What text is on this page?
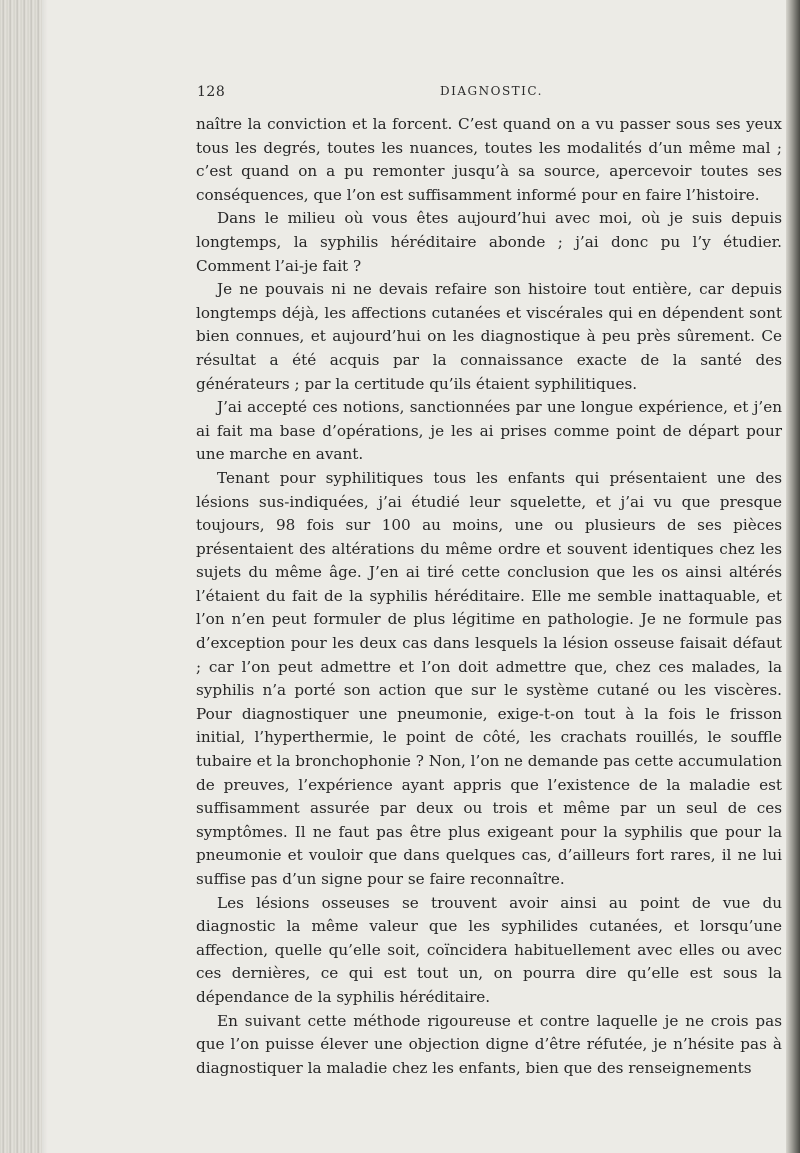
128	DIAGNOSTIC.

naître la conviction et la forcent. C’est quand on a vu passer sous ses yeux tous les degrés, toutes les nuances, toutes les modalités d’un même mal ; c’est quand on a pu remonter jusqu’à sa source, apercevoir toutes ses conséquences, que l’on est suffisamment informé pour en faire l’histoire.

Dans le milieu où vous êtes aujourd’hui avec moi, où je suis depuis longtemps, la syphilis héréditaire abonde ; j’ai donc pu l’y étudier. Comment l’ai-je fait ?

Je ne pouvais ni ne devais refaire son histoire tout entière, car depuis longtemps déjà, les affections cutanées et viscérales qui en dépendent sont bien connues, et aujourd’hui on les diagnostique à peu près sûrement. Ce résultat a été acquis par la connaissance exacte de la santé des générateurs ; par la certitude qu’ils étaient syphilitiques.

J’ai accepté ces notions, sanctionnées par une longue expérience, et j’en ai fait ma base d’opérations, je les ai prises comme point de départ pour une marche en avant.

Tenant pour syphilitiques tous les enfants qui présentaient une des lésions sus-indiquées, j’ai étudié leur squelette, et j’ai vu que presque toujours, 98 fois sur 100 au moins, une ou plusieurs de ses pièces présentaient des altérations du même ordre et souvent identiques chez les sujets du même âge. J’en ai tiré cette conclusion que les os ainsi altérés l’étaient du fait de la syphilis héréditaire. Elle me semble inattaquable, et l’on n’en peut formuler de plus légitime en pathologie. Je ne formule pas d’exception pour les deux cas dans lesquels la lésion osseuse faisait défaut ; car l’on peut admettre et l’on doit admettre que, chez ces malades, la syphilis n’a porté son action que sur le système cutané ou les viscères. Pour diagnostiquer une pneumonie, exige-t-on tout à la fois le frisson initial, l’hyperthermie, le point de côté, les crachats rouillés, le souffle tubaire et la bronchophonie ? Non, l’on ne demande pas cette accumulation de preuves, l’expérience ayant appris que l’existence de la maladie est suffisamment assurée par deux ou trois et même par un seul de ces symptômes. Il ne faut pas être plus exigeant pour la syphilis que pour la pneumonie et vouloir que dans quelques cas, d’ailleurs fort rares, il ne lui suffise pas d’un signe pour se faire reconnaître.

Les lésions osseuses se trouvent avoir ainsi au point de vue du diagnostic la même valeur que les syphilides cutanées, et lorsqu’une affection, quelle qu’elle soit, coïncidera habituellement avec elles ou avec ces dernières, ce qui est tout un, on pourra dire qu’elle est sous la dépendance de la syphilis héréditaire.

En suivant cette méthode rigoureuse et contre laquelle je ne crois pas que l’on puisse élever une objection digne d’être réfutée, je n’hésite pas à diagnostiquer la maladie chez les enfants, bien que des renseignements
